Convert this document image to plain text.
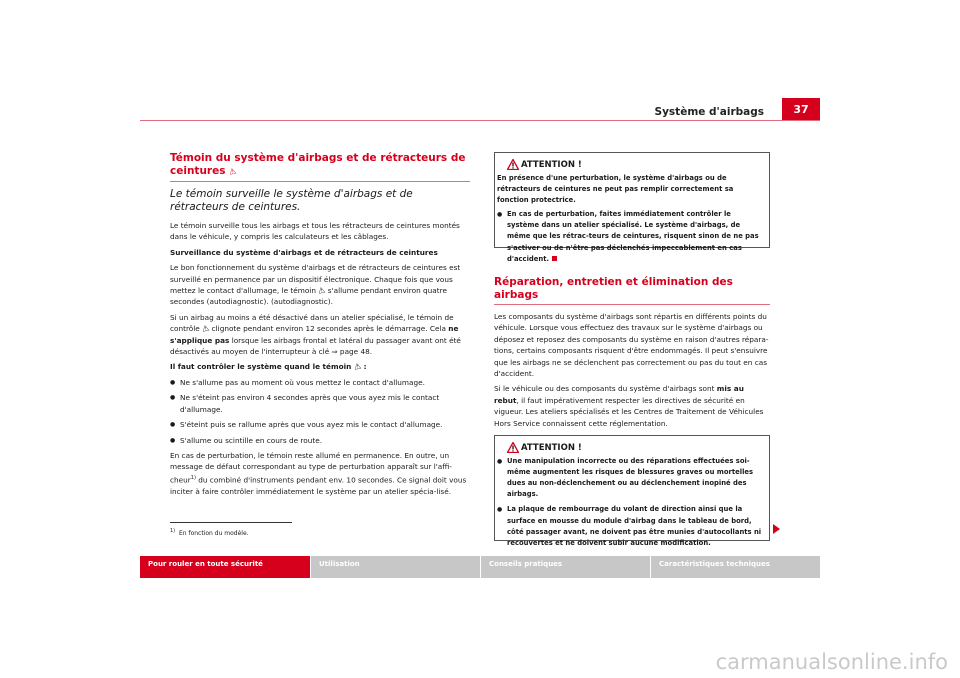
Système d'airbags	37
Témoin du système d'airbags et de rétracteurs de
ceintures ⚠
Le témoin surveille le système d'airbags et de rétracteurs de ceintures.

Le témoin surveille tous les airbags et tous les rétracteurs de ceintures montés dans le véhicule, y compris les calculateurs et les câblages.

Surveillance du système d'airbags et de rétracteurs de ceintures

Le bon fonctionnement du système d'airbags et de rétracteurs de ceintures est surveillé en permanence par un dispositif électronique. Chaque fois que vous mettez le contact d'allumage, le témoin ⚠ s'allume pendant environ quatre secondes (autodiagnostic). (autodiagnostic).

Si un airbag au moins a été désactivé dans un atelier spécialisé, le témoin de contrôle ⚠ clignote pendant environ 12 secondes après le démarrage. Cela ne s'applique pas lorsque les airbags frontal et latéral du passager avant ont été désactivés au moyen de l'interrupteur à clé ⇒ page 48.

Il faut contrôler le système quand le témoin ⚠ :

● Ne s'allume pas au moment où vous mettez le contact d'allumage.
● Ne s'éteint pas environ 4 secondes après que vous ayez mis le contact d'allumage.
● S'éteint puis se rallume après que vous ayez mis le contact d'allumage.
● S'allume ou scintille en cours de route.

En cas de perturbation, le témoin reste allumé en permanence. En outre, un message de défaut correspondant au type de perturbation apparaît sur l'affi-cheur$^{1)}$ du combiné d'instruments pendant env. 10 secondes. Ce signal doit vous inciter à faire contrôler immédiatement le système par un atelier spécia-lisé.

$^{1)}$ En fonction du modèle.
ATTENTION !
En présence d'une perturbation, le système d'airbags ou de rétracteurs de ceintures ne peut pas remplir correctement sa fonction protectrice.
● En cas de perturbation, faites immédiatement contrôler le système dans un atelier spécialisé. Le système d'airbags, de même que les rétrac-teurs de ceintures, risquent sinon de ne pas s'activer ou de n'être pas déclenchés impeccablement en cas d'accident.
Réparation, entretien et élimination des airbags

Les composants du système d'airbags sont répartis en différents points du véhicule. Lorsque vous effectuez des travaux sur le système d'airbags ou déposez et reposez des composants du système en raison d'autres répara-tions, certains composants risquent d'être endommagés. Il peut s'ensuivre que les airbags ne se déclenchent pas correctement ou pas du tout en cas d'accident.

Si le véhicule ou des composants du système d'airbags sont mis au rebut, il faut impérativement respecter les directives de sécurité en vigueur. Les ateliers spécialisés et les Centres de Traitement de Véhicules Hors Service connaissent cette réglementation.

ATTENTION !
● Une manipulation incorrecte ou des réparations effectuées soi-même augmentent les risques de blessures graves ou mortelles dues au non-déclenchement ou au déclenchement inopiné des airbags.
● La plaque de rembourrage du volant de direction ainsi que la surface en mousse du module d'airbag dans le tableau de bord, côté passager avant, ne doivent pas être munies d'autocollants ni recouvertes et ne doivent subir aucune modification.
Pour rouler en toute sécurité	Utilisation	Conseils pratiques	Caractéristiques techniques
carmanualsonline.info
